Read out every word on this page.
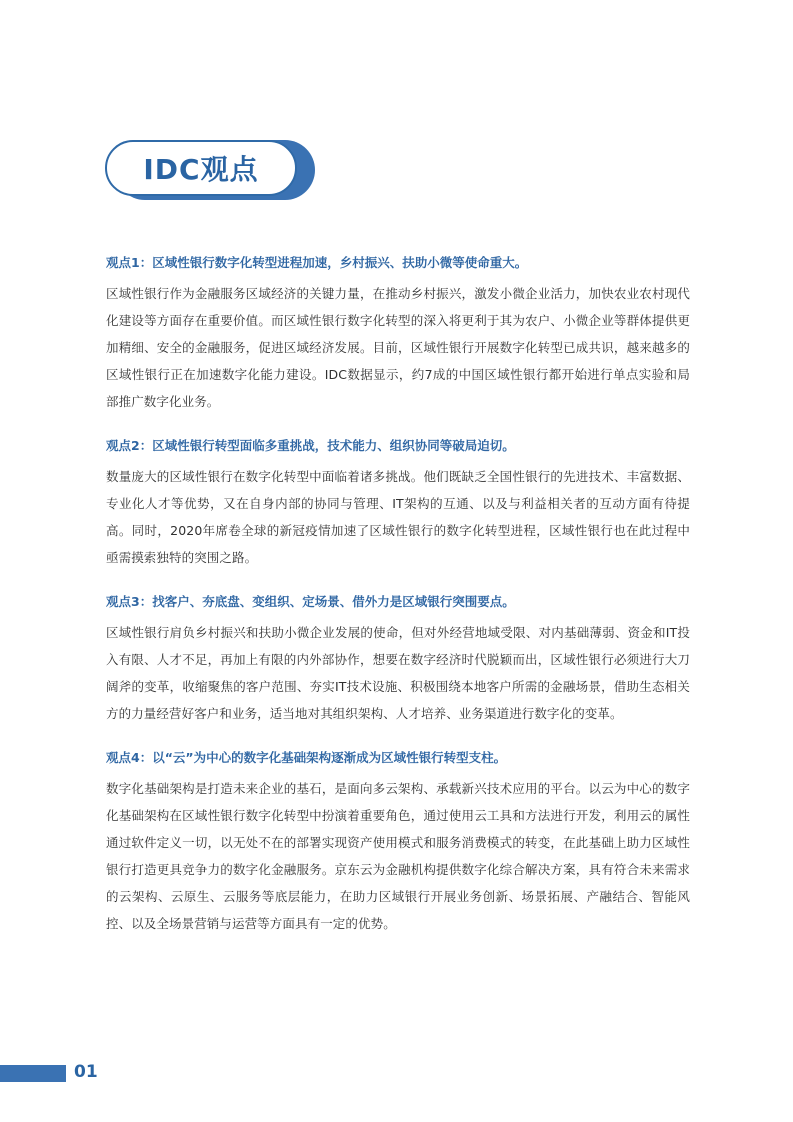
IDC观点
观点1：区域性银行数字化转型进程加速，乡村振兴、扶助小微等使命重大。
区域性银行作为金融服务区域经济的关键力量，在推动乡村振兴，激发小微企业活力，加快农业农村现代化建设等方面存在重要价值。而区域性银行数字化转型的深入将更利于其为农户、小微企业等群体提供更加精细、安全的金融服务，促进区域经济发展。目前，区域性银行开展数字化转型已成共识，越来越多的区域性银行正在加速数字化能力建设。IDC数据显示，约7成的中国区域性银行都开始进行单点实验和局部推广数字化业务。
观点2：区域性银行转型面临多重挑战，技术能力、组织协同等破局迫切。
数量庞大的区域性银行在数字化转型中面临着诸多挑战。他们既缺乏全国性银行的先进技术、丰富数据、专业化人才等优势，又在自身内部的协同与管理、IT架构的互通、以及与利益相关者的互动方面有待提高。同时，2020年席卷全球的新冠疫情加速了区域性银行的数字化转型进程，区域性银行也在此过程中亟需摸索独特的突围之路。
观点3：找客户、夯底盘、变组织、定场景、借外力是区域银行突围要点。
区域性银行肩负乡村振兴和扶助小微企业发展的使命，但对外经营地域受限、对内基础薄弱、资金和IT投入有限、人才不足，再加上有限的内外部协作，想要在数字经济时代脱颖而出，区域性银行必须进行大刀阔斧的变革，收缩聚焦的客户范围、夯实IT技术设施、积极围绕本地客户所需的金融场景，借助生态相关方的力量经营好客户和业务，适当地对其组织架构、人才培养、业务渠道进行数字化的变革。
观点4：以“云”为中心的数字化基础架构逐渐成为区域性银行转型支柱。
数字化基础架构是打造未来企业的基石，是面向多云架构、承载新兴技术应用的平台。以云为中心的数字化基础架构在区域性银行数字化转型中扮演着重要角色，通过使用云工具和方法进行开发，利用云的属性通过软件定义一切，以无处不在的部署实现资产使用模式和服务消费模式的转变，在此基础上助力区域性银行打造更具竞争力的数字化金融服务。京东云为金融机构提供数字化综合解决方案，具有符合未来需求的云架构、云原生、云服务等底层能力，在助力区域银行开展业务创新、场景拓展、产融结合、智能风控、以及全场景营销与运营等方面具有一定的优势。
01
